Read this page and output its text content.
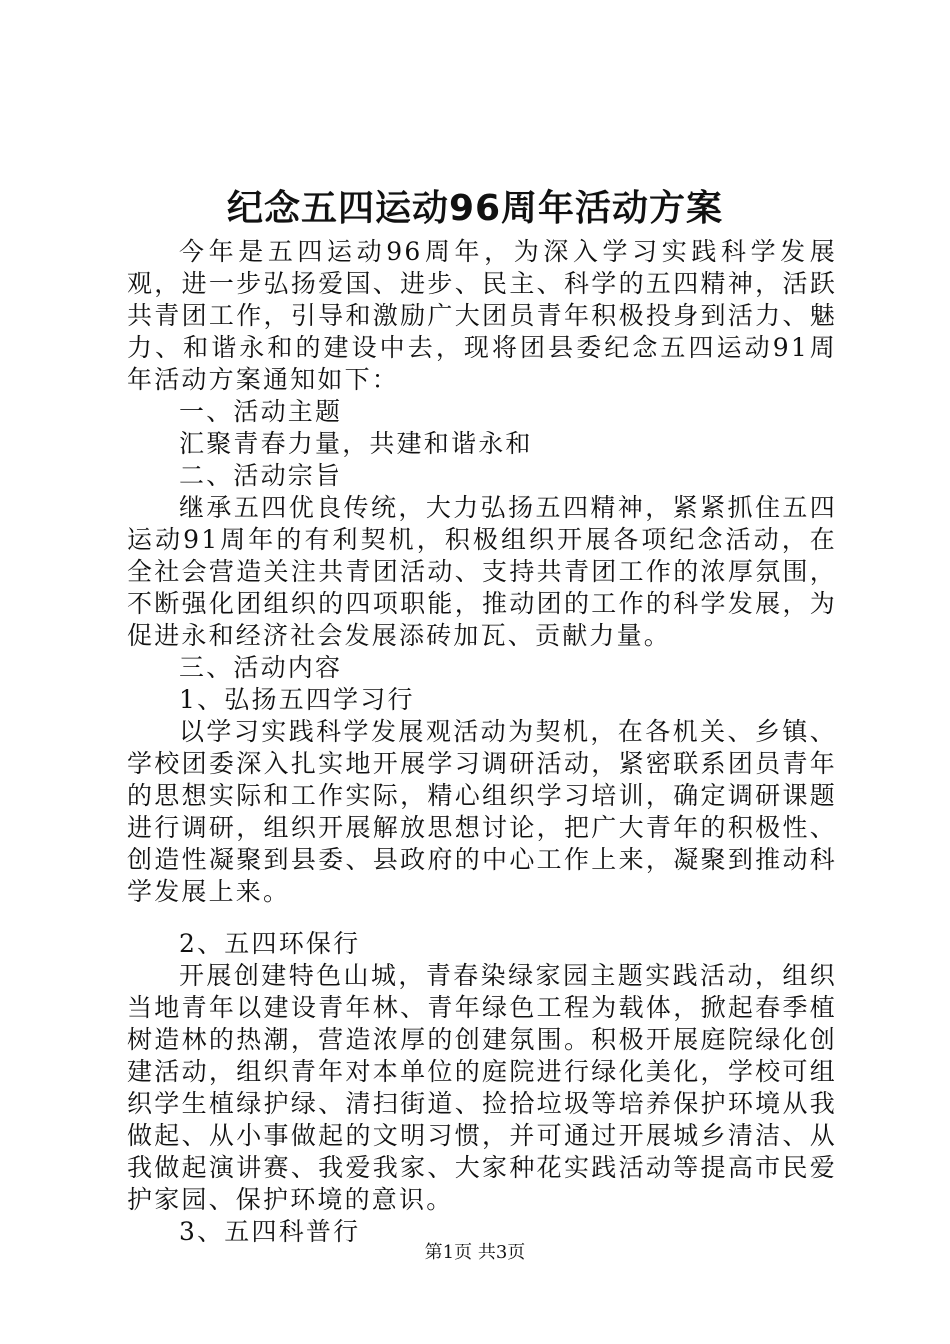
纪念五四运动96周年活动方案

今年是五四运动96周年，为深入学习实践科学发展观，进一步弘扬爱国、进步、民主、科学的五四精神，活跃共青团工作，引导和激励广大团员青年积极投身到活力、魅力、和谐永和的建设中去，现将团县委纪念五四运动91周年活动方案通知如下：

一、活动主题

汇聚青春力量，共建和谐永和

二、活动宗旨

继承五四优良传统，大力弘扬五四精神，紧紧抓住五四运动91周年的有利契机，积极组织开展各项纪念活动，在全社会营造关注共青团活动、支持共青团工作的浓厚氛围，不断强化团组织的四项职能，推动团的工作的科学发展，为促进永和经济社会发展添砖加瓦、贡献力量。

三、活动内容

1、弘扬五四学习行

以学习实践科学发展观活动为契机，在各机关、乡镇、学校团委深入扎实地开展学习调研活动，紧密联系团员青年的思想实际和工作实际，精心组织学习培训，确定调研课题进行调研，组织开展解放思想讨论，把广大青年的积极性、创造性凝聚到县委、县政府的中心工作上来，凝聚到推动科学发展上来。

2、五四环保行

开展创建特色山城，青春染绿家园主题实践活动，组织当地青年以建设青年林、青年绿色工程为载体，掀起春季植树造林的热潮，营造浓厚的创建氛围。积极开展庭院绿化创建活动，组织青年对本单位的庭院进行绿化美化，学校可组织学生植绿护绿、清扫街道、捡拾垃圾等培养保护环境从我做起、从小事做起的文明习惯，并可通过开展城乡清洁、从我做起演讲赛、我爱我家、大家种花实践活动等提高市民爱护家园、保护环境的意识。

3、五四科普行

第1页 共3页
